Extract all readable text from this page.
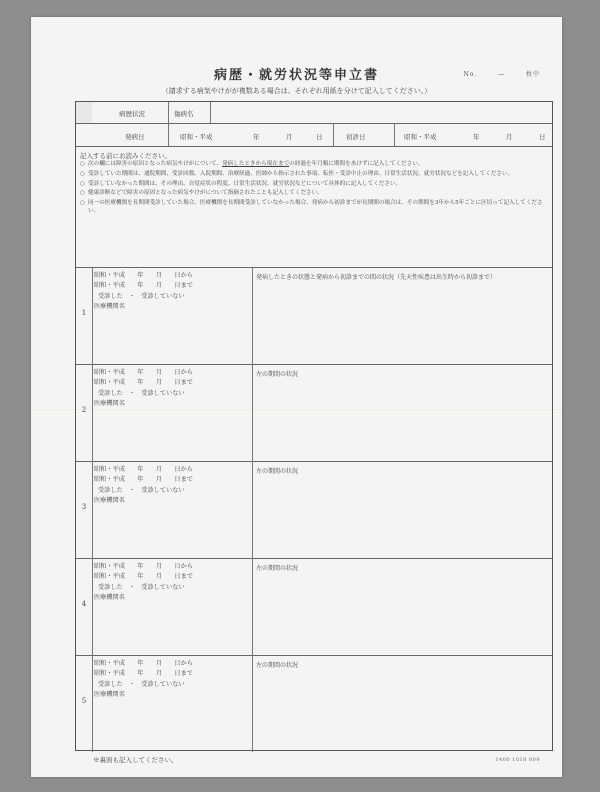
病歴・就労状況等申立書	No.	—	枚中
（請求する病気やけがが複数ある場合は、それぞれ用紙を分けて記入してください。）
病歴状況	傷病名
発病日	昭和・平成	年	月	日	初診日	昭和・平成	年	月	日
記入する前にお読みください。
○ 次の欄には障害の原因となった病気やけがについて、発病したときから現在までの経過を年月順に期間をあけずに記入してください。
○ 受診していた期間は、通院期間、受診回数、入院期間、治療経過、医師から指示された事項、転医・受診中止の理由、日常生活状況、就労状況などを記入してください。
○ 受診していなかった期間は、その理由、自覚症状の程度、日常生活状況、就労状況などについて具体的に記入してください。
○ 健康診断などで障害の原因となった病気やけがについて指摘されたことも記入してください。
○ 同一の医療機関を長期間受診していた場合、医療機関を長期間受診していなかった場合、発病から初診までが長期間の場合は、その期間を3年から5年ごとに区切って記入してください。
1
昭和・平成　　年　　月　　日から
昭和・平成　　年　　月　　日まで
受診した　・　受診していない
医療機関名
発病したときの状態と発病から初診までの間の状況（先天性疾患は出生時から初診まで）
2
昭和・平成　　年　　月　　日から
昭和・平成　　年　　月　　日まで
受診した　・　受診していない
医療機関名
左の期間の状況
3
昭和・平成　　年　　月　　日から
昭和・平成　　年　　月　　日まで
受診した　・　受診していない
医療機関名
左の期間の状況
4
昭和・平成　　年　　月　　日から
昭和・平成　　年　　月　　日まで
受診した　・　受診していない
医療機関名
左の期間の状況
5
昭和・平成　　年　　月　　日から
昭和・平成　　年　　月　　日まで
受診した　・　受診していない
医療機関名
左の期間の状況
※裏面も記入してください。	1400 1018 809
